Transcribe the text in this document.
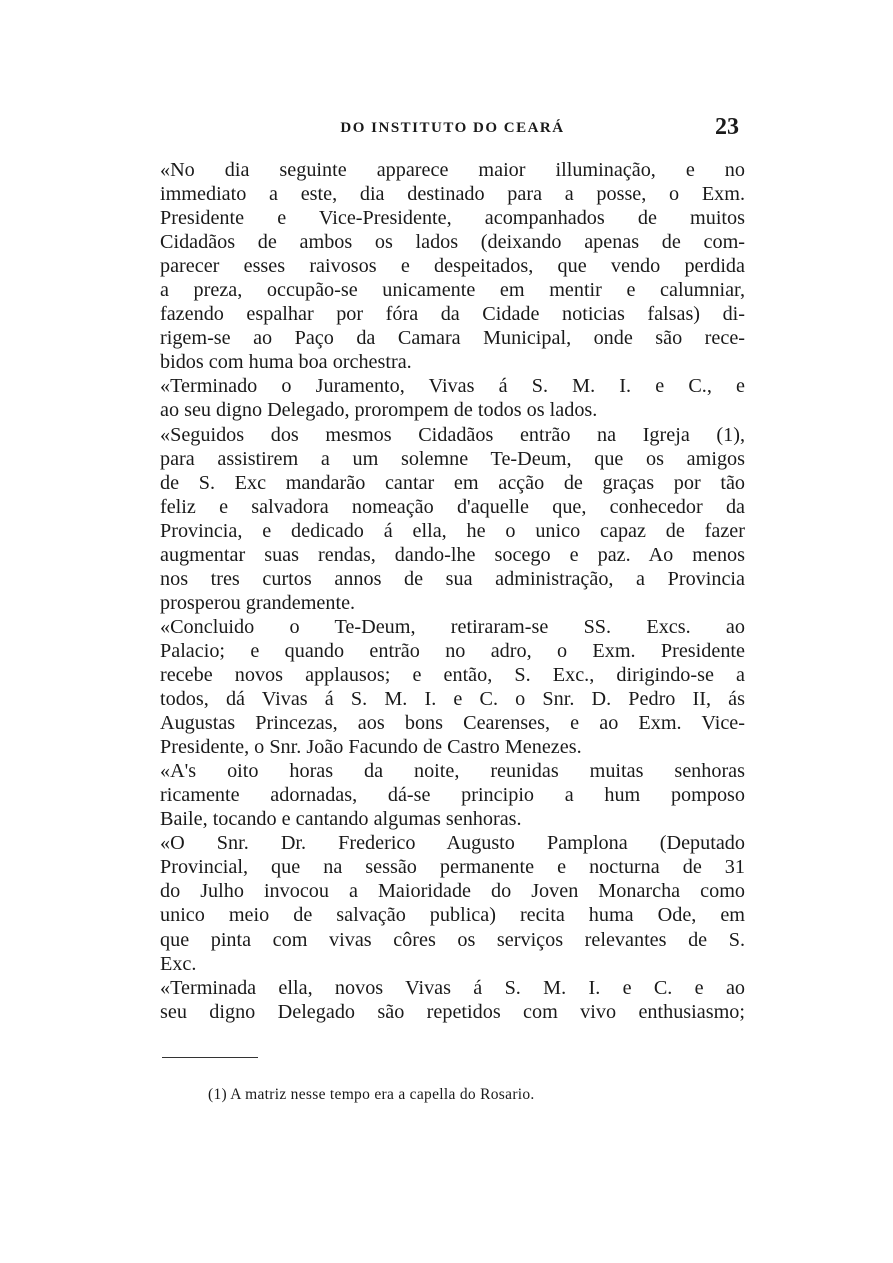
DO INSTITUTO DO CEARÁ	23
«No dia seguinte apparece maior illuminação, e no
immediato a este, dia destinado para a posse, o Exm.
Presidente e Vice-Presidente, acompanhados de muitos
Cidadãos de ambos os lados (deixando apenas de com-
parecer esses raivosos e despeitados, que vendo perdida
a preza, occupão-se unicamente em mentir e calumniar,
fazendo espalhar por fóra da Cidade noticias falsas) di-
rigem-se ao Paço da Camara Municipal, onde são rece-
bidos com huma boa orchestra.
«Terminado o Juramento, Vivas á S. M. I. e C., e
ao seu digno Delegado, prorompem de todos os lados.
«Seguidos dos mesmos Cidadãos entrão na Igreja (1),
para assistirem a um solemne Te-Deum, que os amigos
de S. Exc mandarão cantar em acção de graças por tão
feliz e salvadora nomeação d'aquelle que, conhecedor da
Provincia, e dedicado á ella, he o unico capaz de fazer
augmentar suas rendas, dando-lhe socego e paz. Ao menos
nos tres curtos annos de sua administração, a Provincia
prosperou grandemente.
«Concluido o Te-Deum, retiraram-se SS. Excs. ao
Palacio; e quando entrão no adro, o Exm. Presidente
recebe novos applausos; e então, S. Exc., dirigindo-se a
todos, dá Vivas á S. M. I. e C. o Snr. D. Pedro II, ás
Augustas Princezas, aos bons Cearenses, e ao Exm. Vice-
Presidente, o Snr. João Facundo de Castro Menezes.
«A's oito horas da noite, reunidas muitas senhoras
ricamente adornadas, dá-se principio a hum pomposo
Baile, tocando e cantando algumas senhoras.
«O Snr. Dr. Frederico Augusto Pamplona (Deputado
Provincial, que na sessão permanente e nocturna de 31
do Julho invocou a Maioridade do Joven Monarcha como
unico meio de salvação publica) recita huma Ode, em
que pinta com vivas côres os serviços relevantes de S.
Exc.
«Terminada ella, novos Vivas á S. M. I. e C. e ao
seu digno Delegado são repetidos com vivo enthusiasmo;
(1) A matriz nesse tempo era a capella do Rosario.
